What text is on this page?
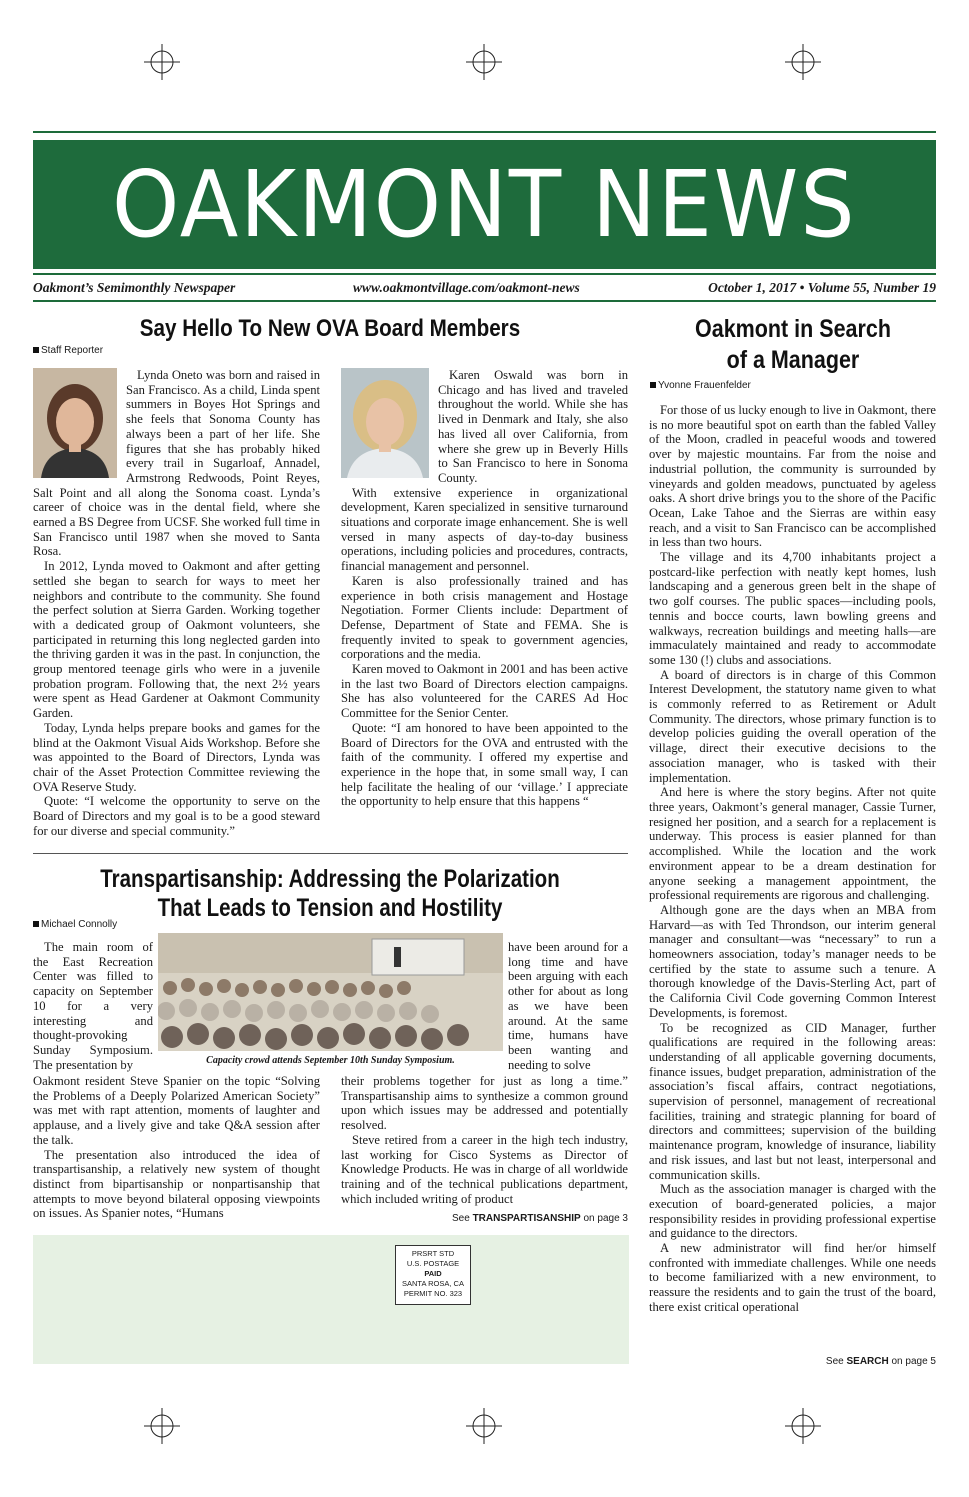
OAKMONT NEWS
Oakmont’s Semimonthly Newspaper	www.oakmontvillage.com/oakmont-news	October 1, 2017 • Volume 55, Number 19
Say Hello To New OVA Board Members
Staff Reporter

Lynda Oneto was born and raised in San Francisco. As a child, Linda spent summers in Boyes Hot Springs and she feels that Sonoma County has always been a part of her life. She figures that she has probably hiked every trail in Sugarloaf, Annadel, Armstrong Redwoods, Point Reyes, Salt Point and all along the Sonoma coast. Lynda’s career of choice was in the dental field, where she earned a BS Degree from UCSF. She worked full time in San Francisco until 1987 when she moved to Santa Rosa.

In 2012, Lynda moved to Oakmont and after getting settled she began to search for ways to meet her neighbors and contribute to the community. She found the perfect solution at Sierra Garden. Working together with a dedicated group of Oakmont volunteers, she participated in returning this long neglected garden into the thriving garden it was in the past. In conjunction, the group mentored teenage girls who were in a juvenile probation program. Following that, the next 2½ years were spent as Head Gardener at Oakmont Community Garden.

Today, Lynda helps prepare books and games for the blind at the Oakmont Visual Aids Workshop. Before she was appointed to the Board of Directors, Lynda was chair of the Asset Protection Committee reviewing the OVA Reserve Study.

Quote: “I welcome the opportunity to serve on the Board of Directors and my goal is to be a good steward for our diverse and special community.”

Karen Oswald was born in Chicago and has lived and traveled throughout the world. While she has lived in Denmark and Italy, she also has lived all over California, from where she grew up in Beverly Hills to San Francisco to here in Sonoma County.

With extensive experience in organizational development, Karen specialized in sensitive turnaround situations and corporate image enhancement. She is well versed in many aspects of day-to-day business operations, including policies and procedures, contracts, financial management and personnel.

Karen is also professionally trained and has experience in both crisis management and Hostage Negotiation. Former Clients include: Department of Defense, Department of State and FEMA. She is frequently invited to speak to government agencies, corporations and the media.

Karen moved to Oakmont in 2001 and has been active in the last two Board of Directors election campaigns. She has also volunteered for the CARES Ad Hoc Committee for the Senior Center.

Quote: “I am honored to have been appointed to the Board of Directors for the OVA and entrusted with the faith of the community. I offered my expertise and experience in the hope that, in some small way, I can help facilitate the healing of our ‘village.’ I appreciate the opportunity to help ensure that this happens “

Transpartisanship: Addressing the Polarization
That Leads to Tension and Hostility
Michael Connolly

The main room of the East Recreation Center was filled to capacity on September 10 for a very interesting and thought-provoking Sunday Symposium. The presentation by	Capacity crowd attends September 10th Sunday Symposium.

have been around for a long time and have been arguing with each other for about as long as we have been around. At the same time, humans have been wanting and needing to solve

Oakmont resident Steve Spanier on the topic “Solving the Problems of a Deeply Polarized American Society” was met with rapt attention, moments of laughter and applause, and a lively give and take Q&A session after the talk.

The presentation also introduced the idea of transpartisanship, a relatively new system of thought distinct from bipartisanship or nonpartisanship that attempts to move beyond bilateral opposing viewpoints on issues. As Spanier notes, “Humans

their problems together for just as long a time.” Transpartisanship aims to synthesize a common ground upon which issues may be addressed and potentially resolved.

Steve retired from a career in the high tech industry, last working for Cisco Systems as Director of Knowledge Products. He was in charge of all worldwide training and of the technical publications department, which included writing of product

See TRANSPARTISANSHIP on page 3
PRSRT STD
U.S. POSTAGE
PAID
SANTA ROSA, CA
PERMIT NO. 323
Oakmont in Search
of a Manager
Yvonne Frauenfelder

For those of us lucky enough to live in Oakmont, there is no more beautiful spot on earth than the fabled Valley of the Moon, cradled in peaceful woods and towered over by majestic mountains. Far from the noise and industrial pollution, the community is surrounded by vineyards and golden meadows, punctuated by ageless oaks. A short drive brings you to the shore of the Pacific Ocean, Lake Tahoe and the Sierras are within easy reach, and a visit to San Francisco can be accomplished in less than two hours.

The village and its 4,700 inhabitants project a postcard-like perfection with neatly kept homes, lush landscaping and a generous green belt in the shape of two golf courses. The public spaces—including pools, tennis and bocce courts, lawn bowling greens and walkways, recreation buildings and meeting halls—are immaculately maintained and ready to accommodate some 130 (!) clubs and associations.

A board of directors is in charge of this Common Interest Development, the statutory name given to what is commonly referred to as Retirement or Adult Community. The directors, whose primary function is to develop policies guiding the overall operation of the village, direct their executive decisions to the association manager, who is tasked with their implementation.

And here is where the story begins. After not quite three years, Oakmont’s general manager, Cassie Turner, resigned her position, and a search for a replacement is underway. This process is easier planned for than accomplished. While the location and the work environment appear to be a dream destination for anyone seeking a management appointment, the professional requirements are rigorous and challenging.

Although gone are the days when an MBA from Harvard—as with Ted Throndson, our interim general manager and consultant—was “necessary” to run a homeowners association, today’s manager needs to be certified by the state to assume such a tenure. A thorough knowledge of the Davis-Sterling Act, part of the California Civil Code governing Common Interest Developments, is foremost.

To be recognized as CID Manager, further qualifications are required in the following areas: understanding of all applicable governing documents, finance issues, budget preparation, administration of the association’s fiscal affairs, contract negotiations, supervision of personnel, management of recreational facilities, training and strategic planning for board of directors and committees; supervision of the building maintenance program, knowledge of insurance, liability and risk issues, and last but not least, interpersonal and communication skills.

Much as the association manager is charged with the execution of board-generated policies, a major responsibility resides in providing professional expertise and guidance to the directors.

A new administrator will find her/or himself confronted with immediate challenges. While one needs to become familiarized with a new environment, to reassure the residents and to gain the trust of the board, there exist critical operational

See SEARCH on page 5
